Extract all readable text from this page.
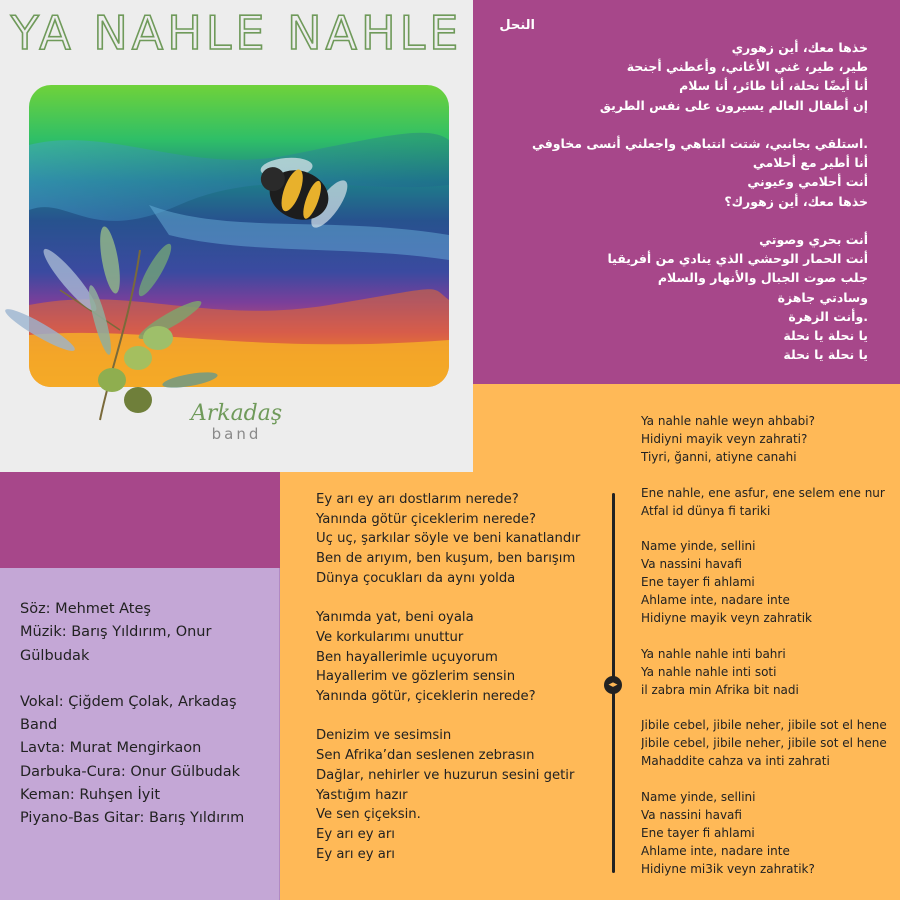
YA NAHLE NAHLE
Arkadaş
band
النحل
خذها معك، أين زهوري
طير، طير، غني الأغاني، وأعطني أجنحة
أنا أيضًا نحلة، أنا طائر، أنا سلام
إن أطفال العالم يسيرون على نفس الطريق
.استلقي بجانبي، شتت انتباهي واجعلني أنسى مخاوفي
أنا أطير مع أحلامي
أنت أحلامي وعيوني
خذها معك، أين زهورك؟
أنت بحري وصوتي
أنت الحمار الوحشي الذي ينادي من أفريقيا
جلب صوت الجبال والأنهار والسلام
وسادتي جاهزة
.وأنت الزهرة
يا نحلة يا نحلة
يا نحلة يا نحلة
Söz: Mehmet Ateş
Müzik: Barış Yıldırım, Onur
Gülbudak
Vokal: Çiğdem Çolak, Arkadaş
Band
Lavta: Murat Mengirkaon
Darbuka-Cura: Onur Gülbudak
Keman: Ruhşen İyit
Piyano-Bas Gitar: Barış Yıldırım
Ey arı ey arı dostlarım nerede?
Yanında götür çiceklerim nerede?
Uç uç, şarkılar söyle ve beni kanatlandır
Ben de arıyım, ben kuşum, ben barışım
Dünya çocukları da aynı yolda
Yanımda yat, beni oyala
Ve korkularımı unuttur
Ben hayallerimle uçuyorum
Hayallerim ve gözlerim sensin
Yanında götür, çiceklerin nerede?
Denizim ve sesimsin
Sen Afrika’dan seslenen zebrasın
Dağlar, nehirler ve huzurun sesini getir
Yastığım hazır
Ve sen çiçeksin.
Ey arı ey arı
Ey arı ey arı
◂▸
Ya nahle nahle weyn ahbabi?
Hidiyni mayik veyn zahrati?
Tiyri, ğanni, atiyne canahi
Ene nahle, ene asfur, ene selem ene nur
Atfal id dünya fi tariki
Name yinde, sellini
Va nassini havafi
Ene tayer fi ahlami
Ahlame inte, nadare inte
Hidiyne mayik veyn zahratik
Ya nahle nahle inti bahri
Ya nahle nahle inti soti
il zabra min Afrika bit nadi
Jibile cebel, jibile neher, jibile sot el hene
Jibile cebel, jibile neher, jibile sot el hene
Mahaddite cahza va inti zahrati
Name yinde, sellini
Va nassini havafi
Ene tayer fi ahlami
Ahlame inte, nadare inte
Hidiyne mi3ik veyn zahratik?
